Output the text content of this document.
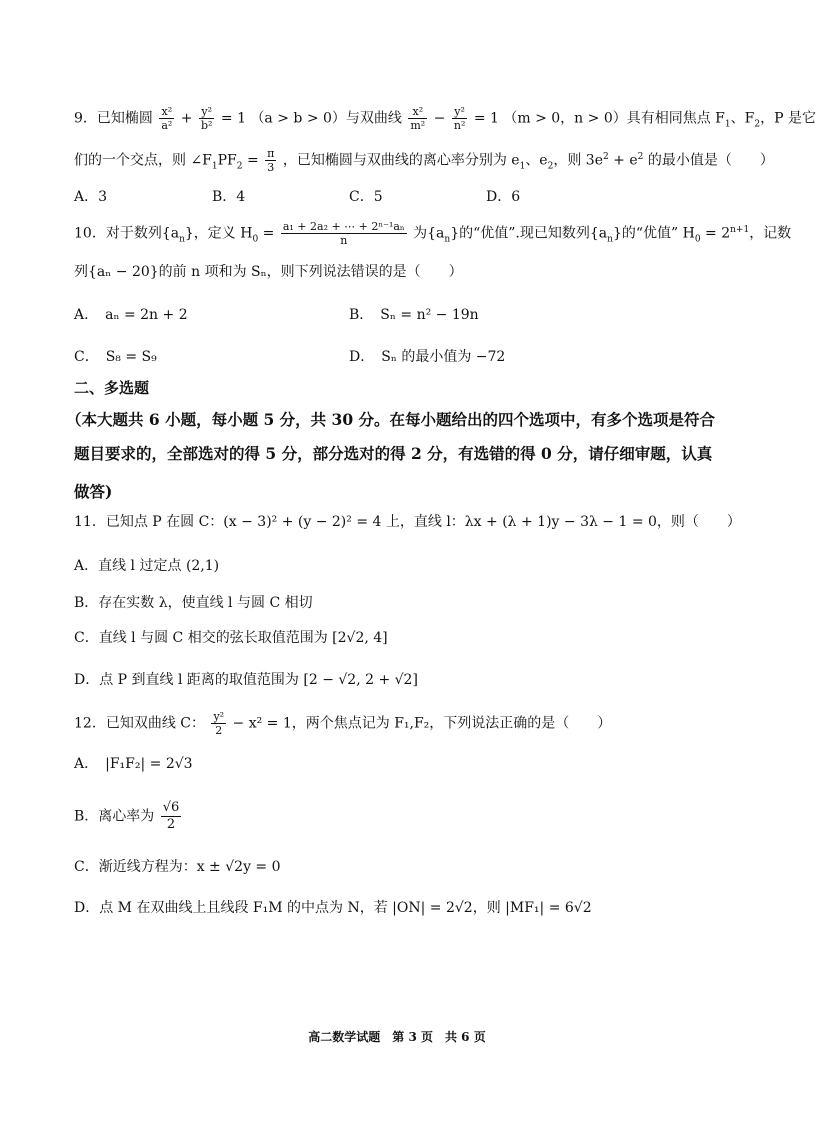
9．已知椭圆 $\frac{\text{x²}}{\text{a²}} + \frac{\text{y²}}{\text{b²}} = 1$ （a > b > 0）与双曲线 $\frac{\text{x²}}{\text{m²}} - \frac{\text{y²}}{\text{n²}} = 1$ （m > 0，n > 0）具有相同焦点 $F_1$、$F_2$，P 是它
们的一个交点，则 $\angle F_1PF_2 = \frac{\pi}{3}$ ，已知椭圆与双曲线的离心率分别为 $e_1$、$e_2$，则 $3e^2 + e^2$ 的最小值是（　　）
A．3	B．4	C．5	D．6
10．对于数列$\{a_n\}$，定义 $H_0 = \frac{\text{a₁ + 2a₂ + ⋯ + 2ⁿ⁻¹aₙ}}{n}$ 为$\{a_n\}$的“优值”.现已知数列$\{a_n\}$的“优值” $H_0 = 2^{n+1}$，记数
列{aₙ − 20}的前 n 项和为 Sₙ，则下列说法错误的是（　　）
A．　aₙ = 2n + 2	B．　Sₙ = n² − 19n
C．　S₈ = S₉	D．　Sₙ 的最小值为 −72
二、多选题
（本大题共 6 小题，每小题 5 分，共 30 分。在每小题给出的四个选项中，有多个选项是符合
题目要求的，全部选对的得 5 分，部分选对的得 2 分，有选错的得 0 分，请仔细审题，认真
做答)
11．已知点 P 在圆 C：(x − 3)² + (y − 2)² = 4 上，直线 l：λx + (λ + 1)y − 3λ − 1 = 0，则（　　）
A．直线 l 过定点 (2,1)
B．存在实数 λ，使直线 l 与圆 C 相切
C．直线 l 与圆 C 相交的弦长取值范围为 [2√2, 4]
D．点 P 到直线 l 距离的取值范围为 [2 − √2, 2 + √2]
12．已知双曲线 C： $\frac{\text{y²}}{2} - x^2 = 1$，两个焦点记为 F₁,F₂，下列说法正确的是（　　）
A．　|F₁F₂| = 2√3
B．离心率为 $\frac{√6}{2}$
C．渐近线方程为：x ± √2y = 0
D．点 M 在双曲线上且线段 F₁M 的中点为 N，若 |ON| = 2√2，则 |MF₁| = 6√2
高二数学试题　第 3 页　共 6 页
